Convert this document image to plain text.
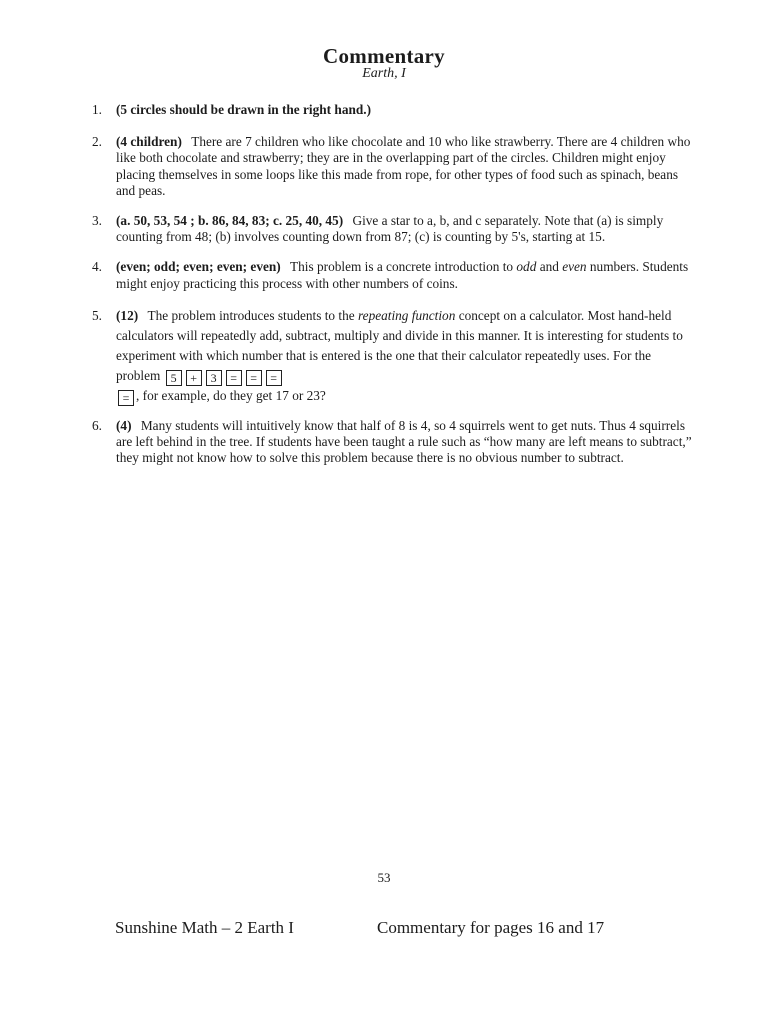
Commentary
Earth, I
1.	(5 circles should be drawn in the right hand.)
2.	(4 children) There are 7 children who like chocolate and 10 who like strawberry. There are 4 children who like both chocolate and strawberry; they are in the overlapping part of the circles. Children might enjoy placing themselves in some loops like this made from rope, for other types of food such as spinach, beans and peas.
3.	(a. 50, 53, 54 ; b. 86, 84, 83; c. 25, 40, 45) Give a star to a, b, and c separately. Note that (a) is simply counting from 48; (b) involves counting down from 87; (c) is counting by 5's, starting at 15.
4.	(even; odd; even; even; even) This problem is a concrete introduction to odd and even numbers. Students might enjoy practicing this process with other numbers of coins.
5.	(12) The problem introduces students to the repeating function concept on a calculator. Most hand-held calculators will repeatedly add, subtract, multiply and divide in this manner. It is interesting for students to experiment with which number that is entered is the one that their calculator repeatedly uses. For the problem 5 + 3 = = =
= , for example, do they get 17 or 23?
6.	(4) Many students will intuitively know that half of 8 is 4, so 4 squirrels went to get nuts. Thus 4 squirrels are left behind in the tree. If students have been taught a rule such as “how many are left means to subtract,” they might not know how to solve this problem because there is no obvious number to subtract.
53
Sunshine Math – 2 Earth I	Commentary for pages 16 and 17
